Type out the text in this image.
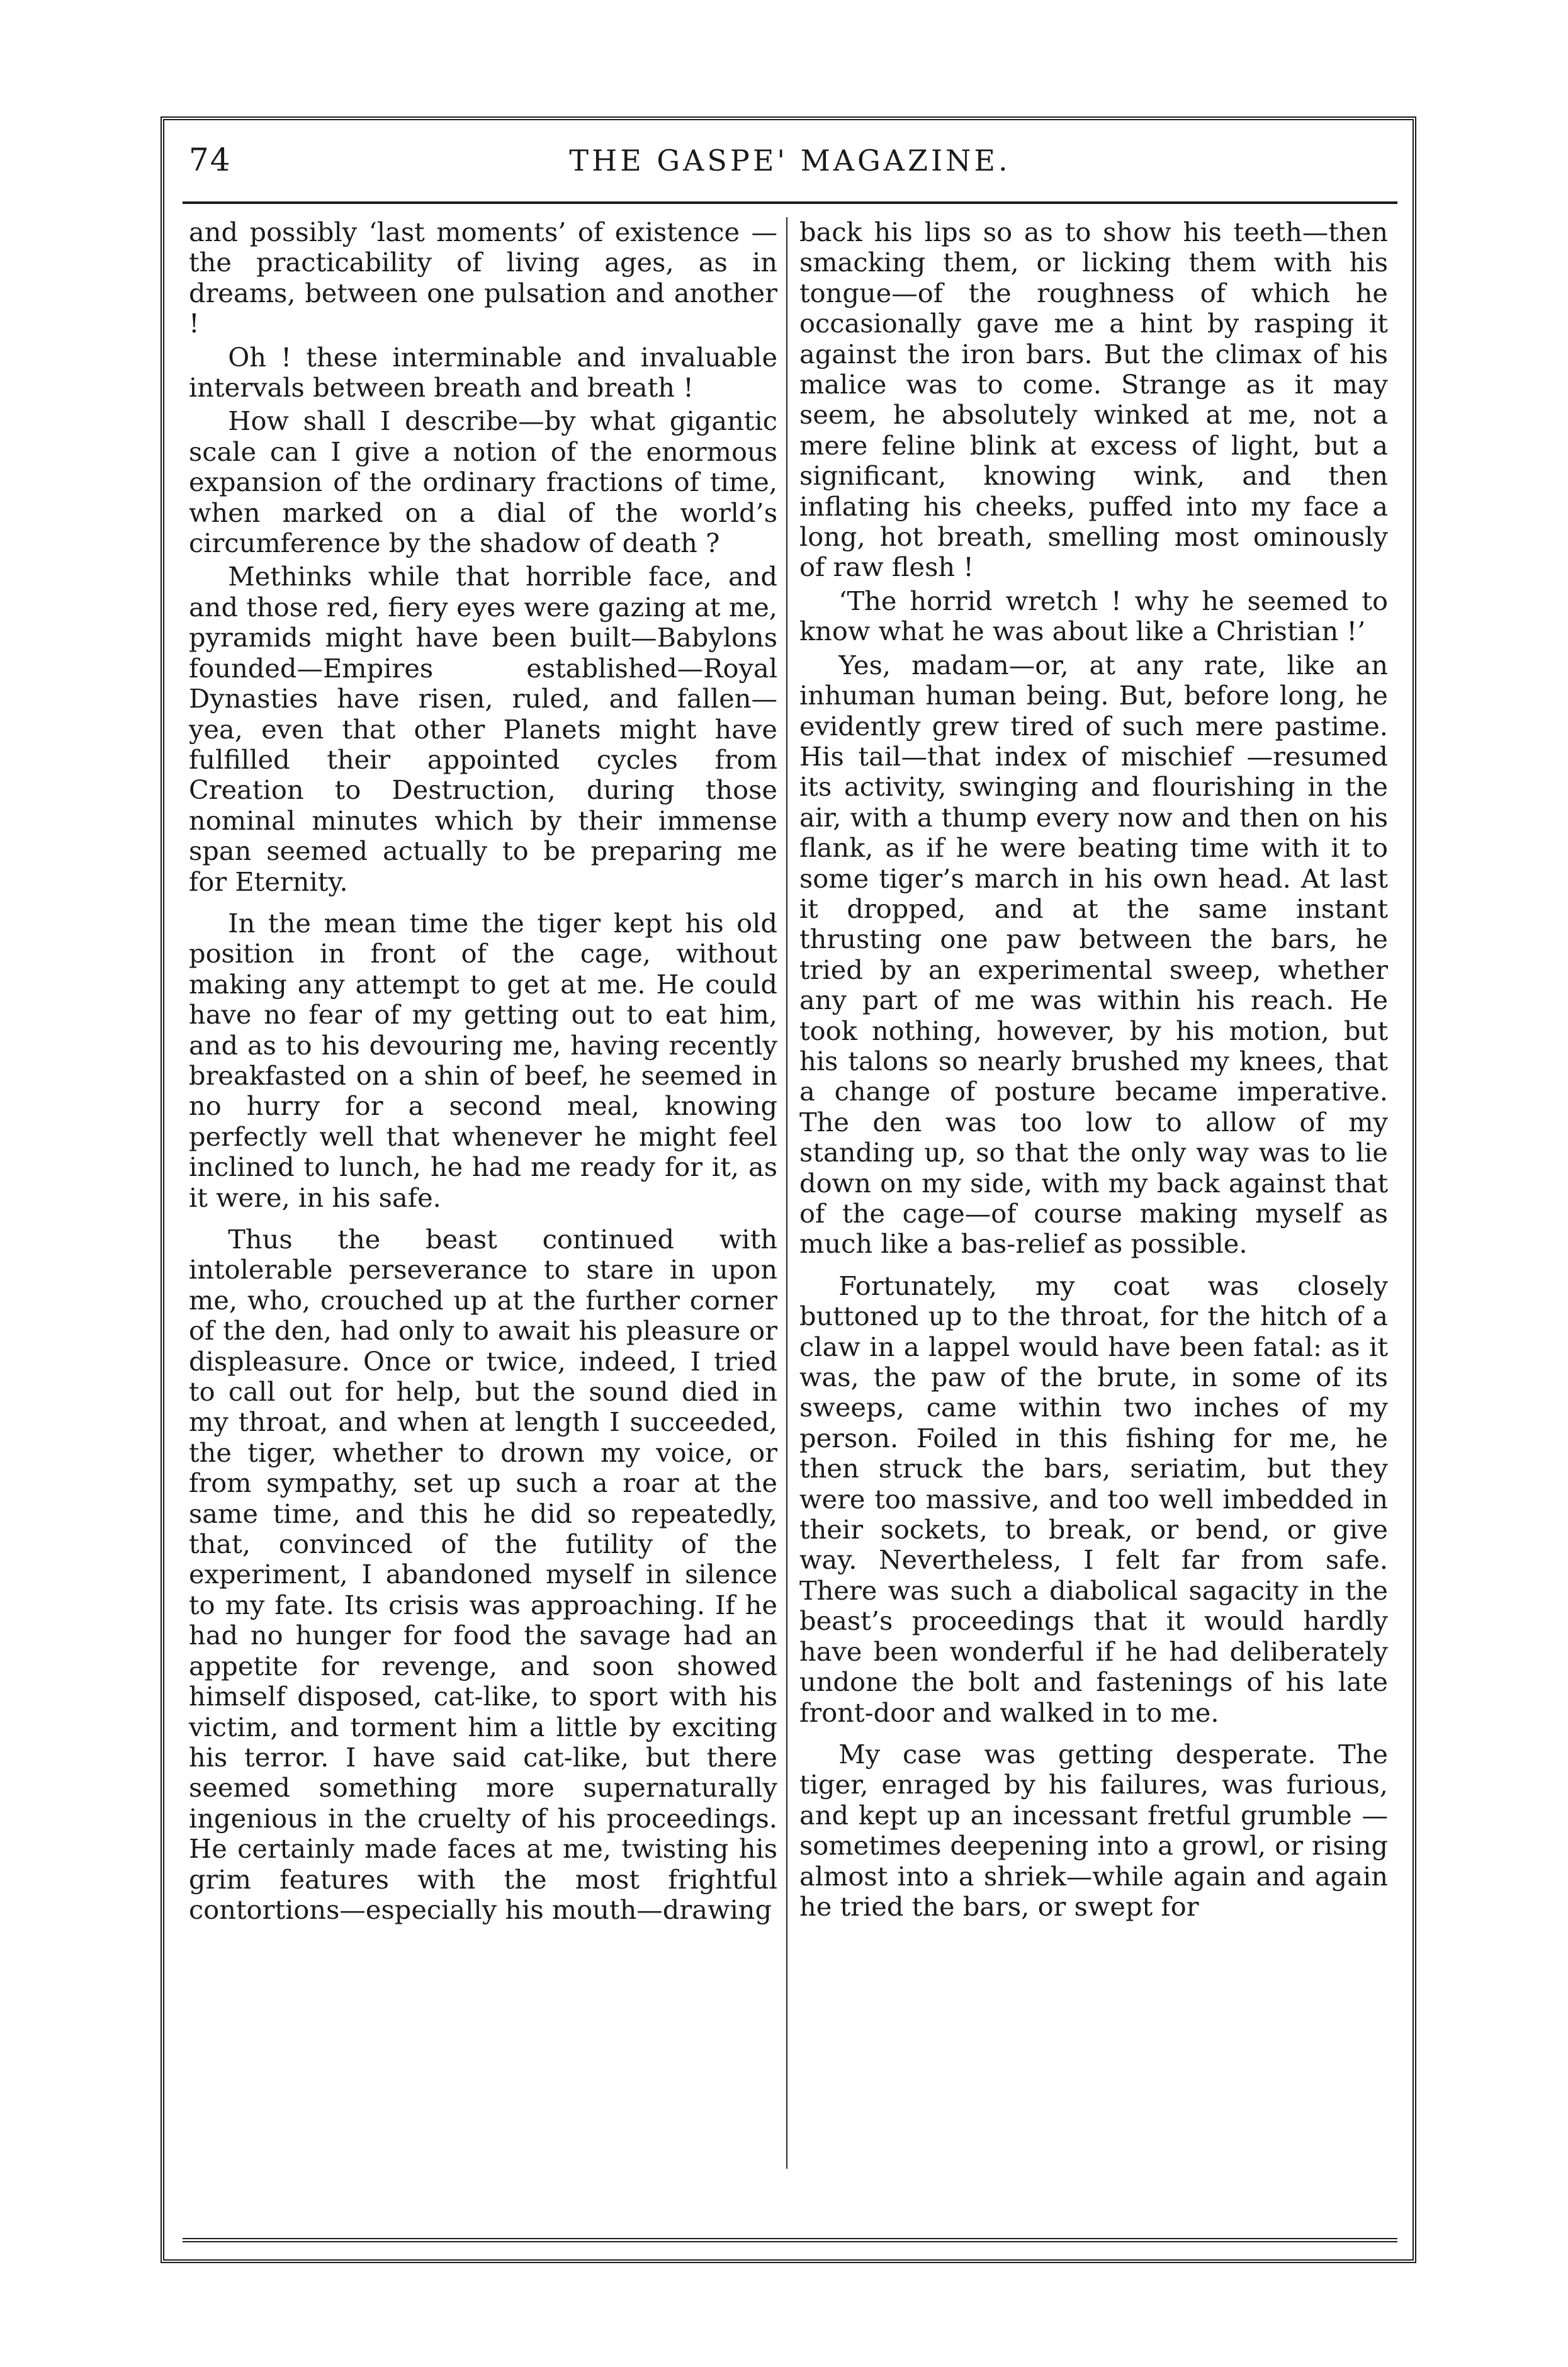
74	THE GASPE' MAGAZINE.

and possibly ‘last moments’ of existence —the practicability of living ages, as in dreams, between one pulsation and another !

Oh ! these interminable and invaluable intervals between breath and breath !

How shall I describe—by what gigantic scale can I give a notion of the enormous expansion of the ordinary fractions of time, when marked on a dial of the world’s circumference by the shadow of death ?

Methinks while that horrible face, and and those red, fiery eyes were gazing at me, pyramids might have been built—Babylons founded—Empires established—Royal Dynasties have risen, ruled, and fallen—yea, even that other Planets might have fulfilled their appointed cycles from Creation to Destruction, during those nominal minutes which by their immense span seemed actually to be preparing me for Eternity.

In the mean time the tiger kept his old position in front of the cage, without making any attempt to get at me. He could have no fear of my getting out to eat him, and as to his devouring me, having recently breakfasted on a shin of beef, he seemed in no hurry for a second meal, knowing perfectly well that whenever he might feel inclined to lunch, he had me ready for it, as it were, in his safe.

Thus the beast continued with intolerable perseverance to stare in upon me, who, crouched up at the further corner of the den, had only to await his pleasure or displeasure. Once or twice, indeed, I tried to call out for help, but the sound died in my throat, and when at length I succeeded, the tiger, whether to drown my voice, or from sympathy, set up such a roar at the same time, and this he did so repeatedly, that, convinced of the futility of the experiment, I abandoned myself in silence to my fate. Its crisis was approaching. If he had no hunger for food the savage had an appetite for revenge, and soon showed himself disposed, cat-like, to sport with his victim, and torment him a little by exciting his terror. I have said cat-like, but there seemed something more supernaturally ingenious in the cruelty of his proceedings. He certainly made faces at me, twisting his grim features with the most frightful contortions—especially his mouth—drawing

back his lips so as to show his teeth—then smacking them, or licking them with his tongue—of the roughness of which he occasionally gave me a hint by rasping it against the iron bars. But the climax of his malice was to come. Strange as it may seem, he absolutely winked at me, not a mere feline blink at excess of light, but a significant, knowing wink, and then inflating his cheeks, puffed into my face a long, hot breath, smelling most ominously of raw flesh !

‘The horrid wretch ! why he seemed to know what he was about like a Christian !’

Yes, madam—or, at any rate, like an inhuman human being. But, before long, he evidently grew tired of such mere pastime. His tail—that index of mischief —resumed its activity, swinging and flourishing in the air, with a thump every now and then on his flank, as if he were beating time with it to some tiger’s march in his own head. At last it dropped, and at the same instant thrusting one paw between the bars, he tried by an experimental sweep, whether any part of me was within his reach. He took nothing, however, by his motion, but his talons so nearly brushed my knees, that a change of posture became imperative. The den was too low to allow of my standing up, so that the only way was to lie down on my side, with my back against that of the cage—of course making myself as much like a bas-relief as possible.

Fortunately, my coat was closely buttoned up to the throat, for the hitch of a claw in a lappel would have been fatal: as it was, the paw of the brute, in some of its sweeps, came within two inches of my person. Foiled in this fishing for me, he then struck the bars, seriatim, but they were too massive, and too well imbedded in their sockets, to break, or bend, or give way. Nevertheless, I felt far from safe. There was such a diabolical sagacity in the beast’s proceedings that it would hardly have been wonderful if he had deliberately undone the bolt and fastenings of his late front-door and walked in to me.

My case was getting desperate. The tiger, enraged by his failures, was furious, and kept up an incessant fretful grumble —sometimes deepening into a growl, or rising almost into a shriek—while again and again he tried the bars, or swept for
